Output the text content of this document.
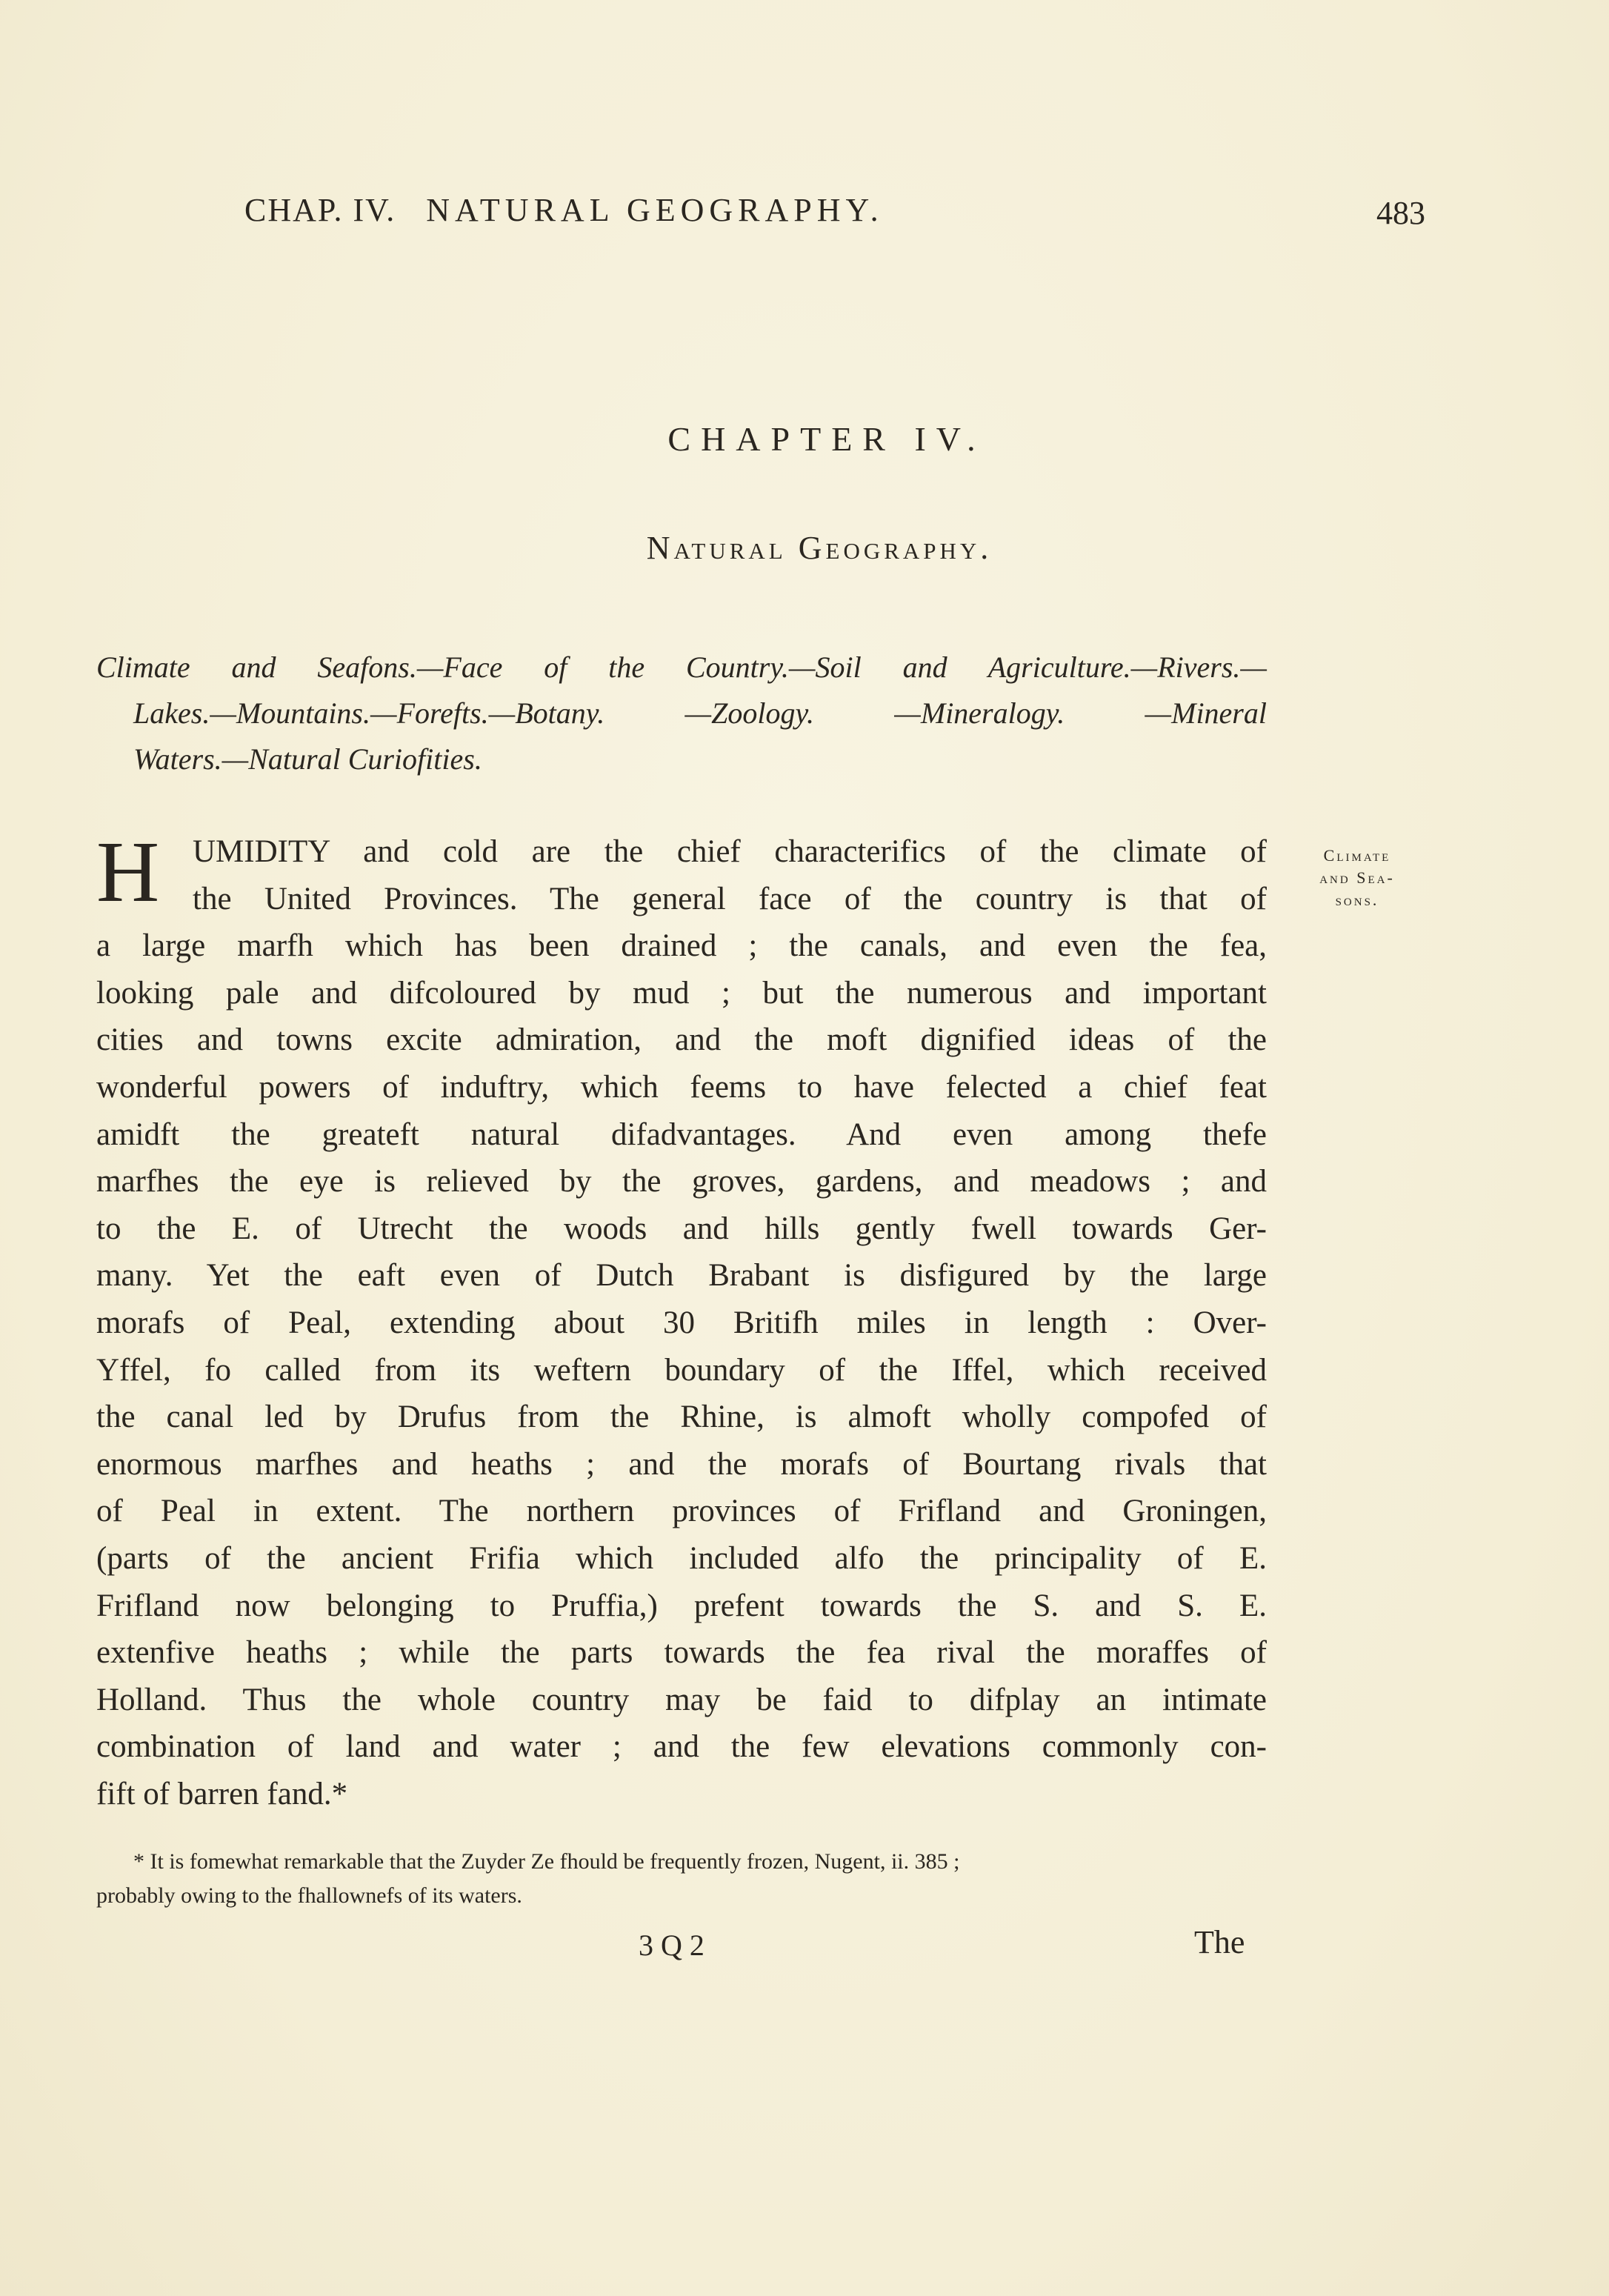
CHAP. IV. NATURAL GEOGRAPHY.	483
CHAPTER IV.
Natural Geography.
Climate and Seafons.—Face of the Country.—Soil and Agriculture.—Rivers.—
Lakes.—Mountains.—Forefts.—Botany. —Zoology. —Mineralogy. —Mineral
Waters.—Natural Curiofities.
Climate
and Sea-
sons.
H	UMIDITY and cold are the chief characterifics of the climate of
the United Provinces. The general face of the country is that of
a large marfh which has been drained ; the canals, and even the fea,
looking pale and difcoloured by mud ; but the numerous and important
cities and towns excite admiration, and the moft dignified ideas of the
wonderful powers of induftry, which feems to have felected a chief feat
amidft the greateft natural difadvantages. And even among thefe
marfhes the eye is relieved by the groves, gardens, and meadows ; and
to the E. of Utrecht the woods and hills gently fwell towards Ger-
many. Yet the eaft even of Dutch Brabant is disfigured by the large
morafs of Peal, extending about 30 Britifh miles in length : Over-
Yffel, fo called from its weftern boundary of the Iffel, which received
the canal led by Drufus from the Rhine, is almoft wholly compofed of
enormous marfhes and heaths ; and the morafs of Bourtang rivals that
of Peal in extent. The northern provinces of Frifland and Groningen,
(parts of the ancient Frifia which included alfo the principality of E.
Frifland now belonging to Pruffia,) prefent towards the S. and S. E.
extenfive heaths ; while the parts towards the fea rival the moraffes of
Holland. Thus the whole country may be faid to difplay an intimate
combination of land and water ; and the few elevations commonly con-
fift of barren fand.*
* It is fomewhat remarkable that the Zuyder Ze fhould be frequently frozen, Nugent, ii. 385 ;
probably owing to the fhallownefs of its waters.
3 Q 2	The
